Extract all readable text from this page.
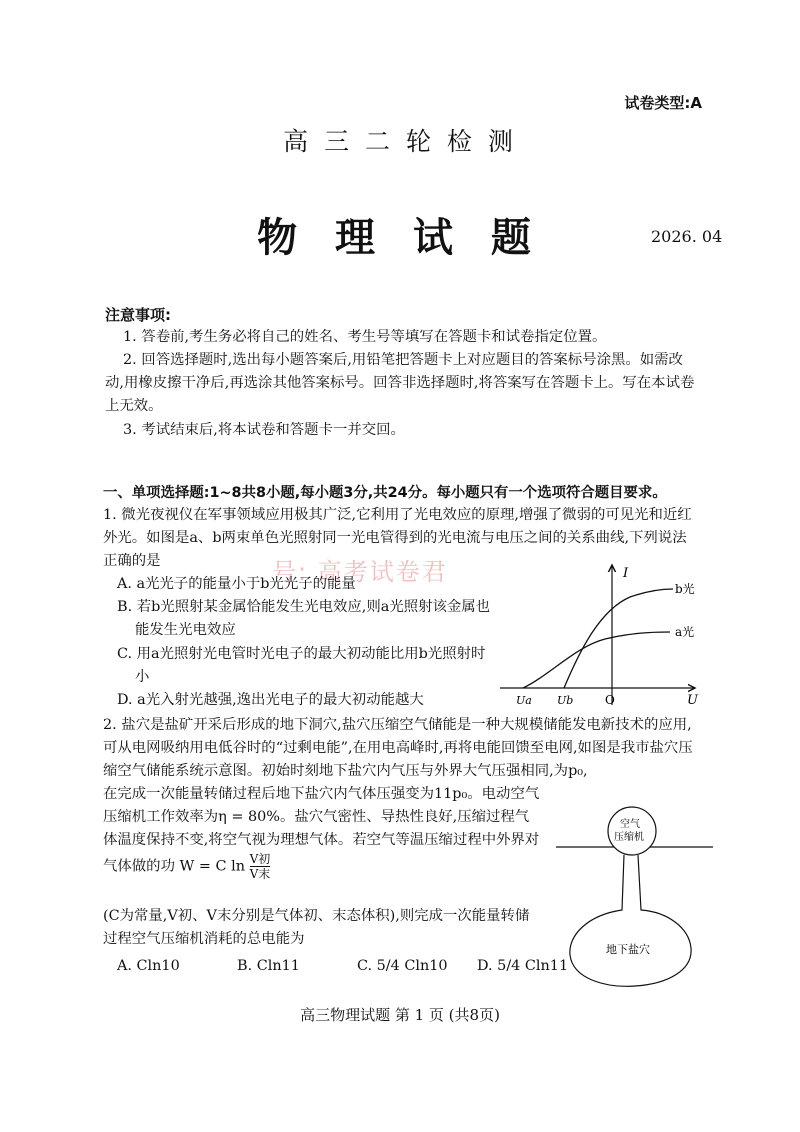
试卷类型:A
高 三 二 轮 检 测
物 理 试 题	2026. 04
注意事项:
1. 答卷前,考生务必将自己的姓名、考生号等填写在答题卡和试卷指定位置。
2. 回答选择题时,选出每小题答案后,用铅笔把答题卡上对应题目的答案标号涂黑。如需改动,用橡皮擦干净后,再选涂其他答案标号。回答非选择题时,将答案写在答题卡上。写在本试卷上无效。
3. 考试结束后,将本试卷和答题卡一并交回。
一、单项选择题:1~8共8小题,每小题3分,共24分。每小题只有一个选项符合题目要求。
1. 微光夜视仪在军事领域应用极其广泛,它利用了光电效应的原理,增强了微弱的可见光和近红外光。如图是a、b两束单色光照射同一光电管得到的光电流与电压之间的关系曲线,下列说法正确的是	号: 高考试卷君
A. a光光子的能量小于b光光子的能量
B. 若b光照射某金属恰能发生光电效应,则a光照射该金属也能发生光电效应
C. 用a光照射光电管时光电子的最大初动能比用b光照射时小
D. a光入射光越强,逸出光电子的最大初动能越大
I
U
O
Ua Ub
b光
a光
2. 盐穴是盐矿开采后形成的地下洞穴,盐穴压缩空气储能是一种大规模储能发电新技术的应用,可从电网吸纳用电低谷时的“过剩电能”,在用电高峰时,再将电能回馈至电网,如图是我市盐穴压缩空气储能系统示意图。初始时刻地下盐穴内气压与外界大气压强相同,为p₀,
在完成一次能量转储过程后地下盐穴内气体压强变为11p₀。电动空气压缩机工作效率为η = 80%。盐穴气密性、导热性良好,压缩过程气体温度保持不变,将空气视为理想气体。若空气等温压缩过程中外界对气体做的功 W = C ln V初
V末
(C为常量,V初、V末分别是气体初、末态体积),则完成一次能量转储过程空气压缩机消耗的总电能为
A. Cln10	B. Cln11	C. 5/4 Cln10	D. 5/4 Cln11
空气
压缩机
地下盐穴
高三物理试题 第 1 页 (共8页)
